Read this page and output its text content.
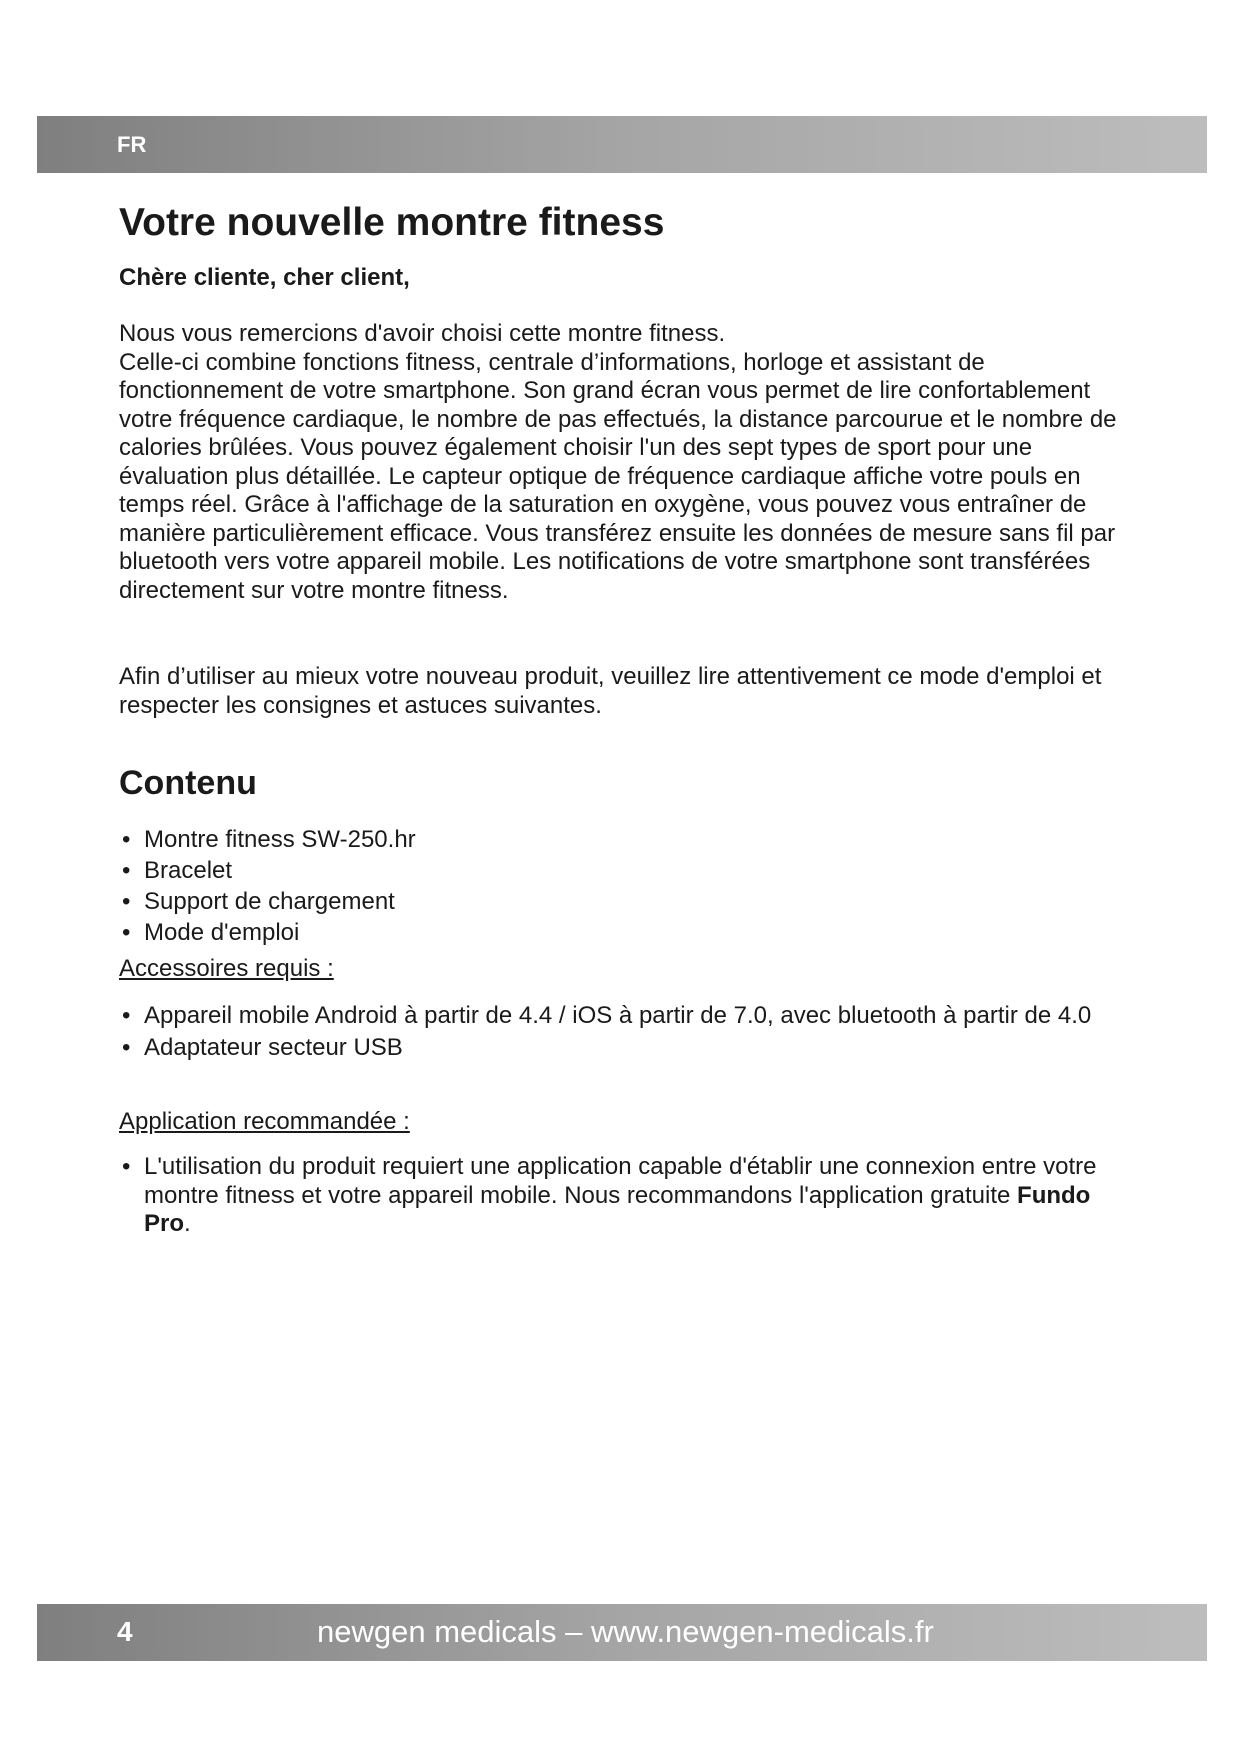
FR
Votre nouvelle montre fitness

Chère cliente, cher client,

Nous vous remercions d'avoir choisi cette montre fitness.
Celle-ci combine fonctions fitness, centrale d’informations, horloge et assistant de fonctionnement de votre smartphone. Son grand écran vous permet de lire confortablement votre fréquence cardiaque, le nombre de pas effectués, la distance parcourue et le nombre de calories brûlées. Vous pouvez également choisir l'un des sept types de sport pour une évaluation plus détaillée. Le capteur optique de fréquence cardiaque affiche votre pouls en temps réel. Grâce à l'affichage de la saturation en oxygène, vous pouvez vous entraîner de manière particulièrement efficace. Vous transférez ensuite les données de mesure sans fil par bluetooth vers votre appareil mobile. Les notifications de votre smartphone sont transférées directement sur votre montre fitness.

Afin d’utiliser au mieux votre nouveau produit, veuillez lire attentivement ce mode d'emploi et respecter les consignes et astuces suivantes.

Contenu
• Montre fitness SW-250.hr
• Bracelet
• Support de chargement
• Mode d'emploi

Accessoires requis :

• Appareil mobile Android à partir de 4.4 / iOS à partir de 7.0, avec bluetooth à partir de 4.0
• Adaptateur secteur USB

Application recommandée :

• L'utilisation du produit requiert une application capable d'établir une connexion entre votre montre fitness et votre appareil mobile. Nous recommandons l'application gratuite Fundo Pro.
4	newgen medicals – www.newgen-medicals.fr
